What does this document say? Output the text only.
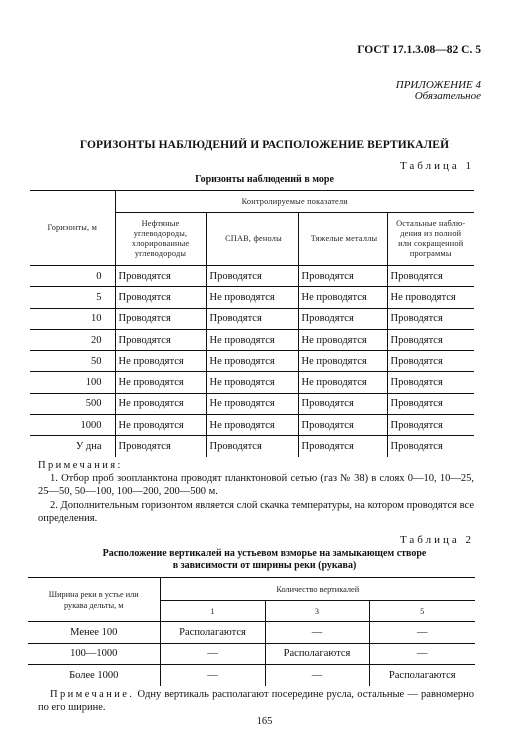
ГОСТ 17.1.3.08—82 С. 5
ПРИЛОЖЕНИЕ 4
Обязательное
ГОРИЗОНТЫ НАБЛЮДЕНИЙ И РАСПОЛОЖЕНИЕ ВЕРТИКАЛЕЙ
Таблица 1
Горизонты наблюдений в море
Горизонты, м	Контролируемые показатели			
	Нефтяные углеводороды, хлорированные углеводороды	СПАВ, фенолы	Тяжелые металлы	Остальные наблю-дения из полной или сокращенной программы
0	Проводятся	Проводятся	Проводятся	Проводятся
5	Проводятся	Не проводятся	Не проводятся	Не проводятся
10	Проводятся	Проводятся	Проводятся	Проводятся
20	Проводятся	Не проводятся	Не проводятся	Проводятся
50	Не проводятся	Не проводятся	Не проводятся	Проводятся
100	Не проводятся	Не проводятся	Не проводятся	Проводятся
500	Не проводятся	Не проводятся	Проводятся	Проводятся
1000	Не проводятся	Не проводятся	Проводятся	Проводятся
У дна	Проводятся	Проводятся	Проводятся	Проводятся
Примечания:
1. Отбор проб зоопланктона проводят планктоновой сетью (газ № 38) в слоях 0—10, 10—25, 25—50, 50—100, 100—200, 200—500 м.
2. Дополнительным горизонтом является слой скачка температуры, на котором проводятся все определения.
Таблица 2
Расположение вертикалей на устьевом взморье на замыкающем створе
в зависимости от ширины реки (рукава)
Ширина реки в устье или рукава дельты, м	Количество вертикалей		
	1	3	5
Менее 100	Располагаются	—	—
100—1000	—	Располагаются	—
Более 1000	—	—	Располагаются
Примечание. Одну вертикаль располагают посередине русла, остальные — равномерно по его ширине.
165
